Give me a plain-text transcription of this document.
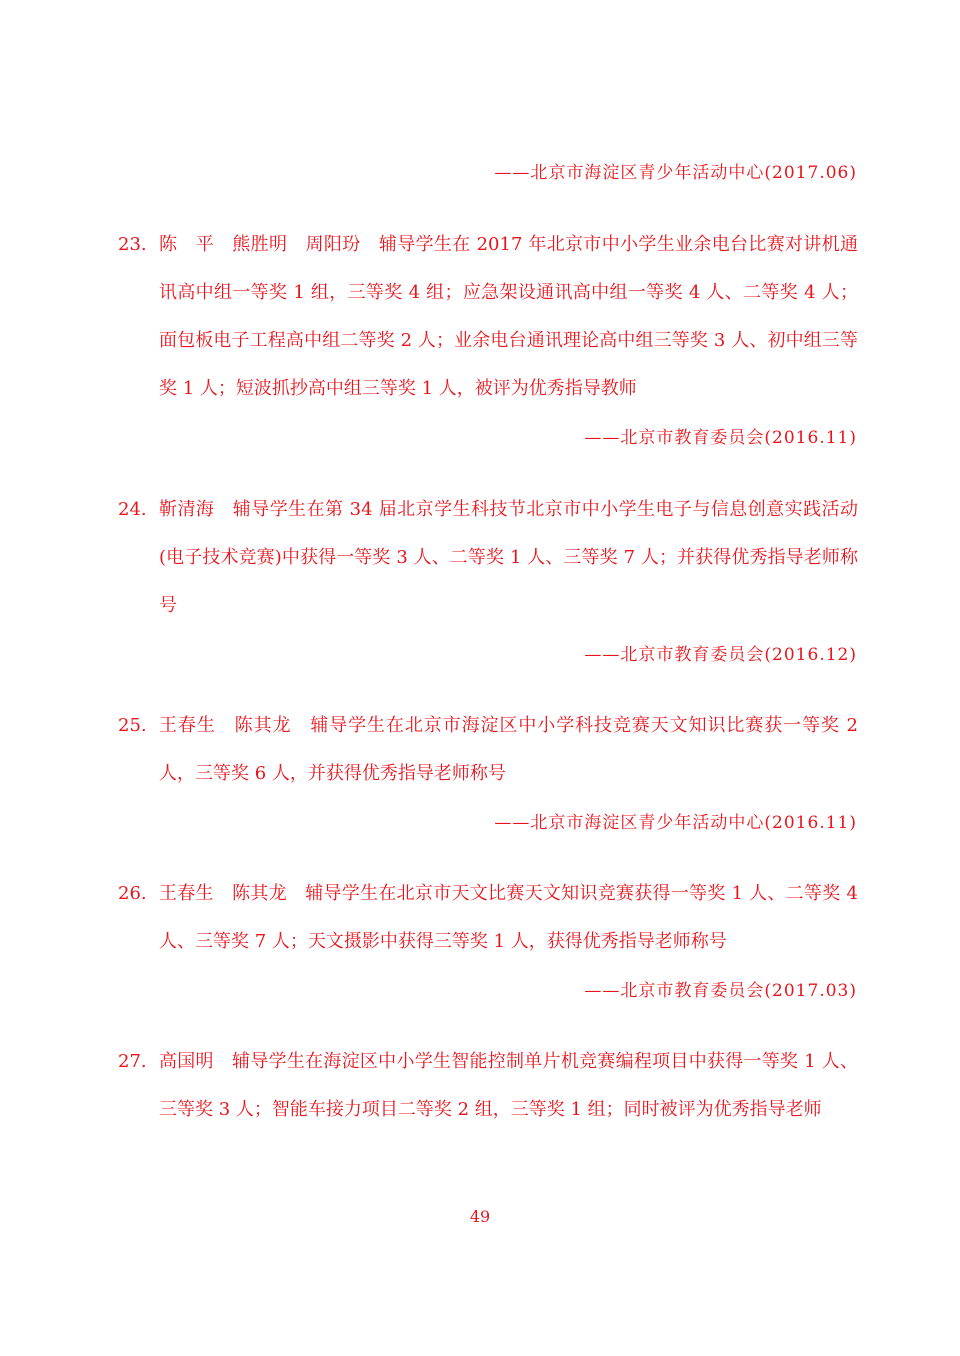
——北京市海淀区青少年活动中心(2017.06)
23. 陈　平　熊胜明　周阳玢　辅导学生在 2017 年北京市中小学生业余电台比赛对讲机通讯高中组一等奖 1 组，三等奖 4 组；应急架设通讯高中组一等奖 4 人、二等奖 4 人；面包板电子工程高中组二等奖 2 人；业余电台通讯理论高中组三等奖 3 人、初中组三等奖 1 人；短波抓抄高中组三等奖 1 人，被评为优秀指导教师
——北京市教育委员会(2016.11)
24. 靳清海　辅导学生在第 34 届北京学生科技节北京市中小学生电子与信息创意实践活动(电子技术竞赛)中获得一等奖 3 人、二等奖 1 人、三等奖 7 人；并获得优秀指导老师称号
——北京市教育委员会(2016.12)
25. 王春生　陈其龙　辅导学生在北京市海淀区中小学科技竞赛天文知识比赛获一等奖 2 人，三等奖 6 人，并获得优秀指导老师称号
——北京市海淀区青少年活动中心(2016.11)
26. 王春生　陈其龙　辅导学生在北京市天文比赛天文知识竞赛获得一等奖 1 人、二等奖 4 人、三等奖 7 人；天文摄影中获得三等奖 1 人，获得优秀指导老师称号
——北京市教育委员会(2017.03)
27. 高国明　辅导学生在海淀区中小学生智能控制单片机竞赛编程项目中获得一等奖 1 人、三等奖 3 人；智能车接力项目二等奖 2 组，三等奖 1 组；同时被评为优秀指导老师
49
